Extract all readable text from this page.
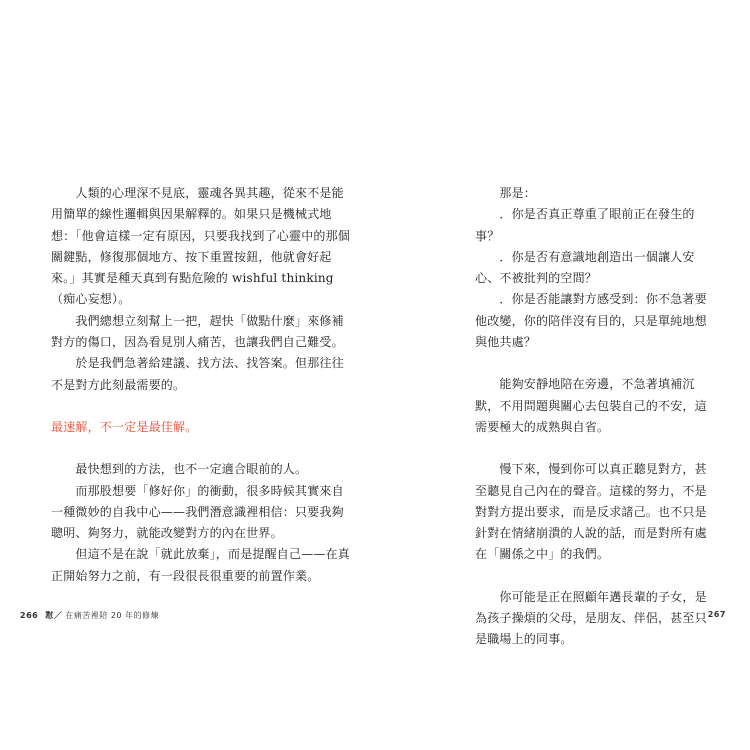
　　人類的心理深不見底，靈魂各異其趣，從來不是能用簡單的線性邏輯與因果解釋的。如果只是機械式地想：「他會這樣一定有原因，只要我找到了心靈中的那個關鍵點，修復那個地方、按下重置按鈕，他就會好起來。」其實是種天真到有點危險的 wishful thinking（痴心妄想）。

　　我們總想立刻幫上一把，趕快「做點什麼」來修補對方的傷口，因為看見別人痛苦，也讓我們自己難受。

　　於是我們急著給建議、找方法、找答案。但那往往不是對方此刻最需要的。

最速解，不一定是最佳解。

　　最快想到的方法，也不一定適合眼前的人。

　　而那股想要「修好你」的衝動，很多時候其實來自一種微妙的自我中心——我們潛意識裡相信：只要我夠聰明、夠努力，就能改變對方的內在世界。

　　但這不是在說「就此放棄」，而是提醒自己——在真正開始努力之前，有一段很長很重要的前置作業。

266 懟／ 在痛苦裡陪 20 年的修煉

　　那是：

　　．你是否真正尊重了眼前正在發生的事？

　　．你是否有意識地創造出一個讓人安心、不被批判的空間？

　　．你是否能讓對方感受到：你不急著要他改變，你的陪伴沒有目的，只是單純地想與他共處？

　　能夠安靜地陪在旁邊，不急著填補沉默，不用問題與關心去包裝自己的不安，這需要極大的成熟與自省。

　　慢下來，慢到你可以真正聽見對方，甚至聽見自己內在的聲音。這樣的努力，不是對對方提出要求，而是反求諸己。也不只是針對在情緒崩潰的人說的話，而是對所有處在「關係之中」的我們。

　　你可能是正在照顧年邁長輩的子女，是為孩子操煩的父母，是朋友、伴侶，甚至只是職場上的同事。

267
